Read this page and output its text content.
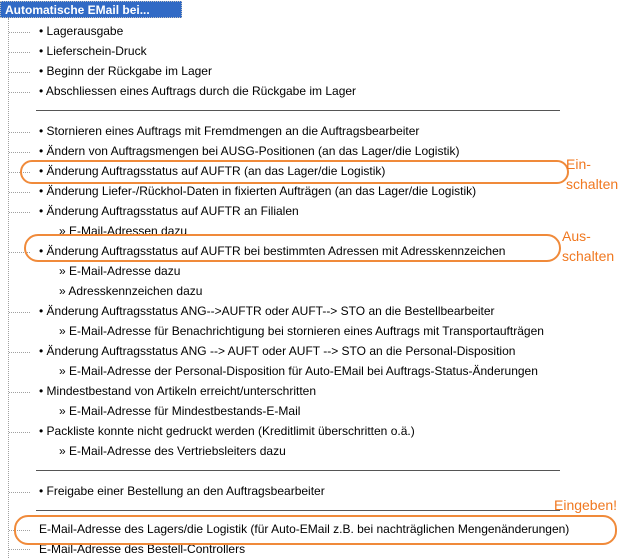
Automatische EMail bei...
• Lagerausgabe
• Lieferschein-Druck
• Beginn der Rückgabe im Lager
• Abschliessen eines Auftrags durch die Rückgabe im Lager
• Stornieren eines Auftrags mit Fremdmengen an die Auftragsbearbeiter
• Ändern von Auftragsmengen bei AUSG-Positionen (an das Lager/die Logistik)
• Änderung Auftragsstatus auf AUFTR (an das Lager/die Logistik)
• Änderung Liefer-/Rückhol-Daten in fixierten Aufträgen (an das Lager/die Logistik)
• Änderung Auftragsstatus auf AUFTR an Filialen
» E-Mail-Adressen dazu
• Änderung Auftragsstatus auf AUFTR bei bestimmten Adressen mit Adresskennzeichen
» E-Mail-Adresse dazu
» Adresskennzeichen dazu
• Änderung Auftragsstatus ANG-->AUFTR oder AUFT--> STO an die Bestellbearbeiter
» E-Mail-Adresse für Benachrichtigung bei stornieren eines Auftrags mit Transportaufträgen
• Änderung Auftragsstatus ANG --> AUFT oder AUFT --> STO an die Personal-Disposition
» E-Mail-Adresse der Personal-Disposition für Auto-EMail bei Auftrags-Status-Änderungen
• Mindestbestand von Artikeln erreicht/unterschritten
» E-Mail-Adresse für Mindestbestands-E-Mail
• Packliste konnte nicht gedruckt werden (Kreditlimit überschritten o.ä.)
» E-Mail-Adresse des Vertriebsleiters dazu
• Freigabe einer Bestellung an den Auftragsbearbeiter
E-Mail-Adresse des Lagers/die Logistik (für Auto-EMail z.B. bei nachträglichen Mengenänderungen)
E-Mail-Adresse des Bestell-Controllers
Ein-
schalten
Aus-
schalten
Eingeben!
